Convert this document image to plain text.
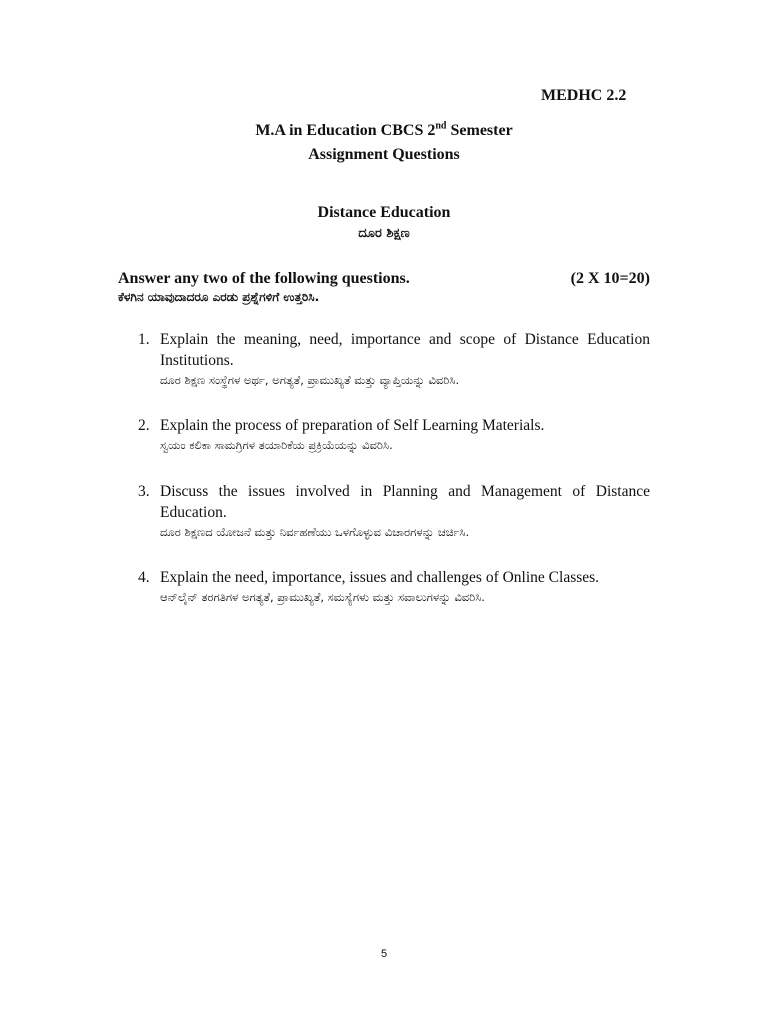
MEDHC 2.2
M.A in Education CBCS 2nd Semester
Assignment Questions
Distance Education
ದೂರ ಶಿಕ್ಷಣ
Answer any two of the following questions.	(2 X 10=20)
ಕೆಳಗಿನ ಯಾವುದಾದರೂ ಎರಡು ಪ್ರಶ್ನೆಗಳಿಗೆ ಉತ್ತರಿಸಿ.
1. Explain the meaning, need, importance and scope of Distance Education Institutions.
ದೂರ ಶಿಕ್ಷಣ ಸಂಸ್ಥೆಗಳ ಅರ್ಥ, ಅಗತ್ಯತೆ, ಪ್ರಾಮುಖ್ಯತೆ ಮತ್ತು ವ್ಯಾಪ್ತಿಯನ್ನು ವಿವರಿಸಿ.
2. Explain the process of preparation of Self Learning Materials.
ಸ್ವಯಂ ಕಲಿಕಾ ಸಾಮಗ್ರಿಗಳ ತಯಾರಿಕೆಯ ಪ್ರಕ್ರಿಯೆಯನ್ನು ವಿವರಿಸಿ.
3. Discuss the issues involved in Planning and Management of Distance Education.
ದೂರ ಶಿಕ್ಷಣದ ಯೋಜನೆ ಮತ್ತು ನಿರ್ವಹಣೆಯು ಒಳಗೊಳ್ಳುವ ವಿಚಾರಗಳನ್ನು ಚರ್ಚಿಸಿ.
4. Explain the need, importance, issues and challenges of Online Classes.
ಆನ್‌ಲೈನ್ ತರಗತಿಗಳ ಅಗತ್ಯತೆ, ಪ್ರಾಮುಖ್ಯತೆ, ಸಮಸ್ಯೆಗಳು ಮತ್ತು ಸವಾಲುಗಳನ್ನು ವಿವರಿಸಿ.
5
